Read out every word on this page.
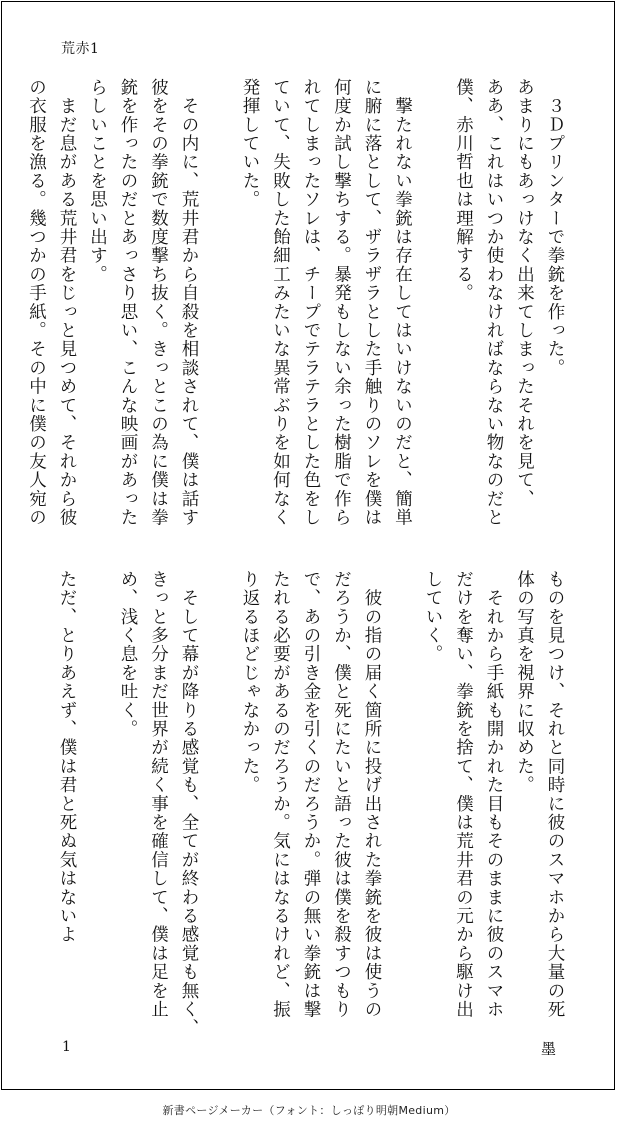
荒赤1
　３Ｄプリンターで拳銃を作った。
あまりにもあっけなく出来てしまったそれを見て、
ああ、これはいつか使わなければならない物なのだと
僕、赤川哲也は理解する。

　撃たれない拳銃は存在してはいけないのだと、簡単
に腑に落として、ザラザラとした手触りのソレを僕は
何度か試し撃ちする。暴発もしない余った樹脂で作ら
れてしまったソレは、チープでテラテラとした色をし
ていて、失敗した飴細工みたいな異常ぶりを如何なく
発揮していた。

　その内に、荒井君から自殺を相談されて、僕は話す
彼をその拳銃で数度撃ち抜く。きっとこの為に僕は拳
銃を作ったのだとあっさり思い、こんな映画があった
らしいことを思い出す。
　まだ息がある荒井君をじっと見つめて、それから彼
の衣服を漁る。幾つかの手紙。その中に僕の友人宛の
ものを見つけ、それと同時に彼のスマホから大量の死
体の写真を視界に収めた。
　それから手紙も開かれた目もそのままに彼のスマホ
だけを奪い、拳銃を捨て、僕は荒井君の元から駆け出
していく。

　彼の指の届く箇所に投げ出された拳銃を彼は使うの
だろうか、僕と死にたいと語った彼は僕を殺すつもり
で、あの引き金を引くのだろうか。弾の無い拳銃は撃
たれる必要があるのだろうか。気にはなるけれど、振
り返るほどじゃなかった。

　そして幕が降りる感覚も、全てが終わる感覚も無く、
きっと多分まだ世界が続く事を確信して、僕は足を止
め、浅く息を吐く。

ただ、とりあえず、僕は君と死ぬ気はないよ
1	墨
新書ページメーカー（フォント：しっぽり明朝Medium）
